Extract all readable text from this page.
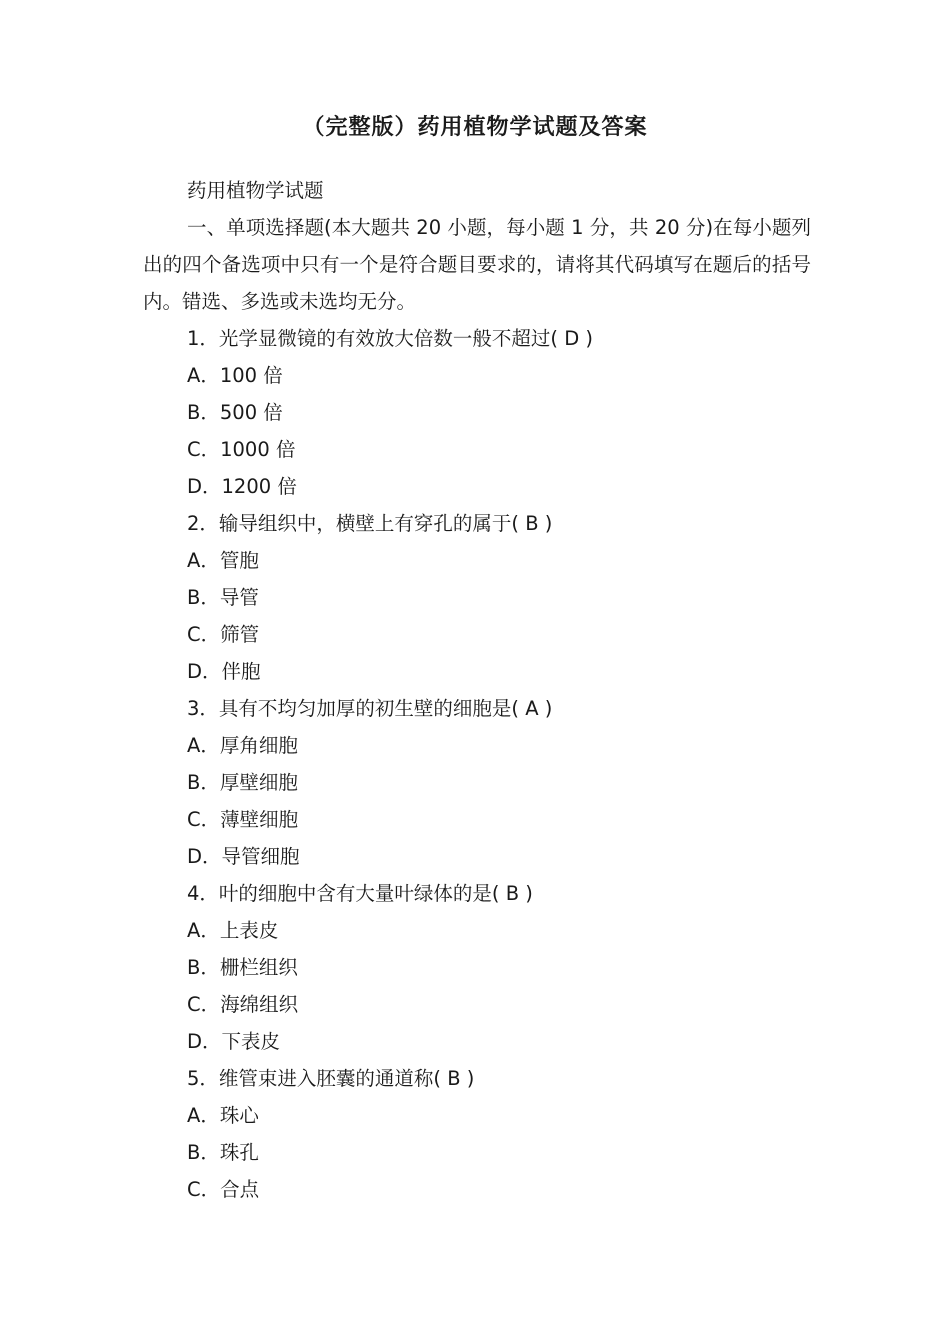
（完整版）药用植物学试题及答案

药用植物学试题

一、单项选择题(本大题共 20 小题，每小题 1 分，共 20 分)在每小题列出的四个备选项中只有一个是符合题目要求的，请将其代码填写在题后的括号内。错选、多选或未选均无分。

1．光学显微镜的有效放大倍数一般不超过( D )

A．100 倍

B．500 倍

C．1000 倍

D．1200 倍

2．输导组织中，横壁上有穿孔的属于( B )

A．管胞

B．导管

C．筛管

D．伴胞

3．具有不均匀加厚的初生壁的细胞是( A )

A．厚角细胞

B．厚壁细胞

C．薄壁细胞

D．导管细胞

4．叶的细胞中含有大量叶绿体的是( B )

A．上表皮

B．栅栏组织

C．海绵组织

D．下表皮

5．维管束进入胚囊的通道称( B )

A．珠心

B．珠孔

C．合点
